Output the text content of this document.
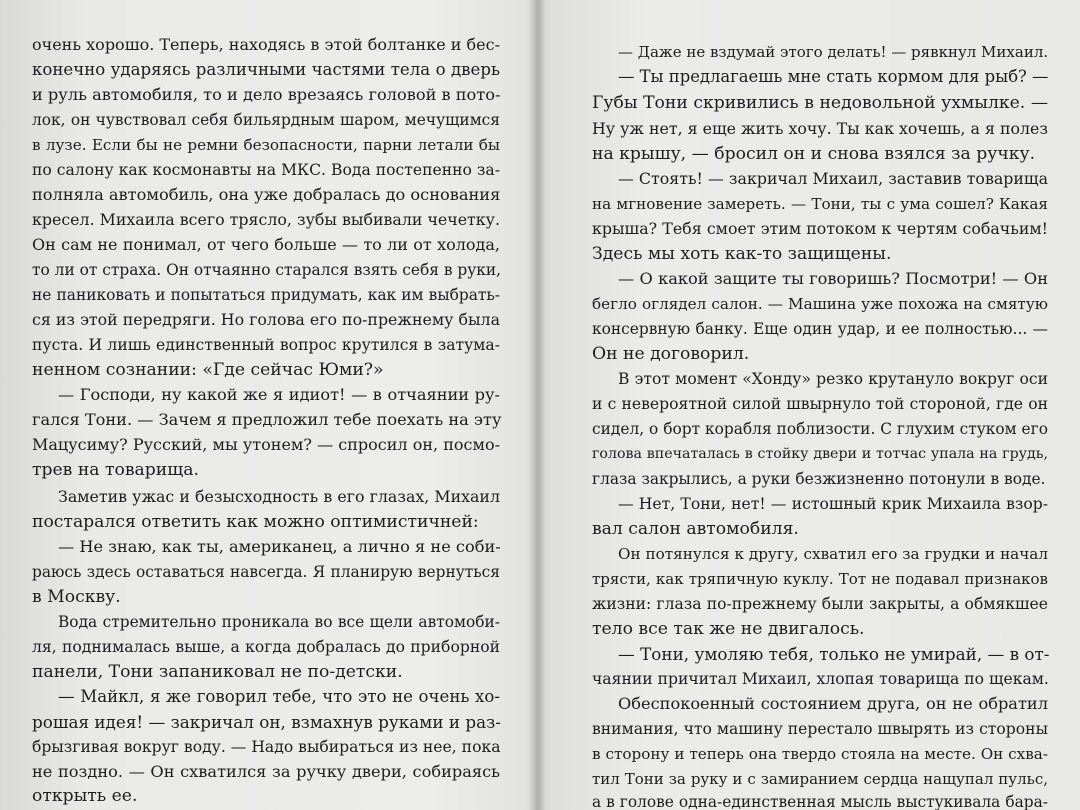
очень хорошо. Теперь, находясь в этой болтанке и бес-
конечно ударяясь различными частями тела о дверь
и руль автомобиля, то и дело врезаясь головой в пото-
лок, он чувствовал себя бильярдным шаром, мечущимся
в лузе. Если бы не ремни безопасности, парни летали бы
по салону как космонавты на МКС. Вода постепенно за-
полняла автомобиль, она уже добралась до основания
кресел. Михаила всего трясло, зубы выбивали чечетку.
Он сам не понимал, от чего больше — то ли от холода,
то ли от страха. Он отчаянно старался взять себя в руки,
не паниковать и попытаться придумать, как им выбрать-
ся из этой передряги. Но голова его по-прежнему была
пуста. И лишь единственный вопрос крутился в затума-
ненном сознании: «Где сейчас Юми?»
— Господи, ну какой же я идиот! — в отчаянии ру-
гался Тони. — Зачем я предложил тебе поехать на эту
Мацусиму? Русский, мы утонем? — спросил он, посмо-
трев на товарища.
Заметив ужас и безысходность в его глазах, Михаил
постарался ответить как можно оптимистичней:
— Не знаю, как ты, американец, а лично я не соби-
раюсь здесь оставаться навсегда. Я планирую вернуться
в Москву.
Вода стремительно проникала во все щели автомоби-
ля, поднималась выше, а когда добралась до приборной
панели, Тони запаниковал не по-детски.
— Майкл, я же говорил тебе, что это не очень хо-
рошая идея! — закричал он, взмахнув руками и раз-
брызгивая вокруг воду. — Надо выбираться из нее, пока
не поздно. — Он схватился за ручку двери, собираясь
открыть ее.
— Даже не вздумай этого делать! — рявкнул Михаил.
— Ты предлагаешь мне стать кормом для рыб? —
Губы Тони скривились в недовольной ухмылке. —
Ну уж нет, я еще жить хочу. Ты как хочешь, а я полез
на крышу, — бросил он и снова взялся за ручку.
— Стоять! — закричал Михаил, заставив товарища
на мгновение замереть. — Тони, ты с ума сошел? Какая
крыша? Тебя смоет этим потоком к чертям собачьим!
Здесь мы хоть как-то защищены.
— О какой защите ты говоришь? Посмотри! — Он
бегло оглядел салон. — Машина уже похожа на смятую
консервную банку. Еще один удар, и ее полностью... —
Он не договорил.
В этот момент «Хонду» резко крутануло вокруг оси
и с невероятной силой швырнуло той стороной, где он
сидел, о борт корабля поблизости. С глухим стуком его
голова впечаталась в стойку двери и тотчас упала на грудь,
глаза закрылись, а руки безжизненно потонули в воде.
— Нет, Тони, нет! — истошный крик Михаила взор-
вал салон автомобиля.
Он потянулся к другу, схватил его за грудки и начал
трясти, как тряпичную куклу. Тот не подавал признаков
жизни: глаза по-прежнему были закрыты, а обмякшее
тело все так же не двигалось.
— Тони, умоляю тебя, только не умирай, — в от-
чаянии причитал Михаил, хлопая товарища по щекам.
Обеспокоенный состоянием друга, он не обратил
внимания, что машину перестало швырять из стороны
в сторону и теперь она твердо стояла на месте. Он схва-
тил Тони за руку и с замиранием сердца нащупал пульс,
а в голове одна-единственная мысль выстукивала бара-
